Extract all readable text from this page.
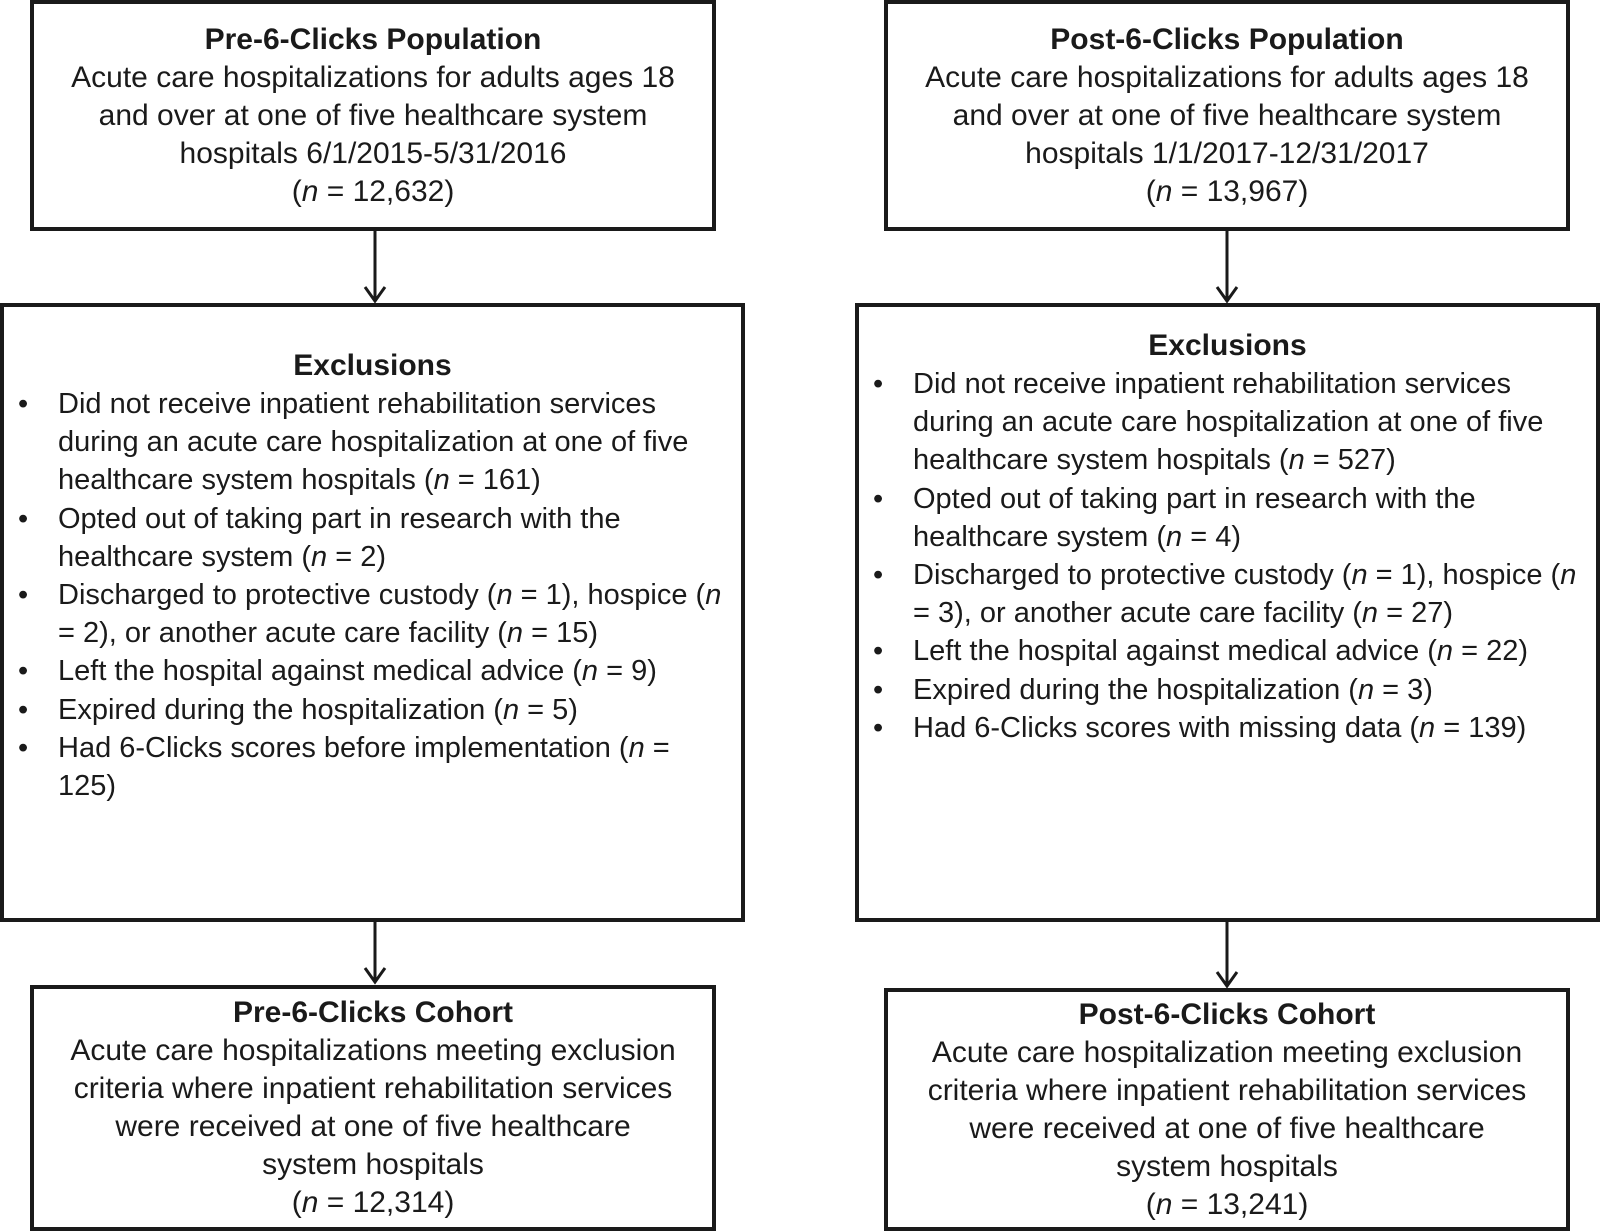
Pre-6-Clicks Population
Acute care hospitalizations for adults ages 18
and over at one of five healthcare system
hospitals 6/1/2015-5/31/2016
(n = 12,632)
Exclusions
• Did not receive inpatient rehabilitation services during an acute care hospitalization at one of five healthcare system hospitals (n = 161)
• Opted out of taking part in research with the healthcare system (n = 2)
• Discharged to protective custody (n = 1), hospice (n = 2), or another acute care facility (n = 15)
• Left the hospital against medical advice (n = 9)
• Expired during the hospitalization (n = 5)
• Had 6-Clicks scores before implementation (n = 125)
Pre-6-Clicks Cohort
Acute care hospitalizations meeting exclusion
criteria where inpatient rehabilitation services
were received at one of five healthcare
system hospitals
(n = 12,314)
Post-6-Clicks Population
Acute care hospitalizations for adults ages 18
and over at one of five healthcare system
hospitals 1/1/2017-12/31/2017
(n = 13,967)
Exclusions
• Did not receive inpatient rehabilitation services during an acute care hospitalization at one of five healthcare system hospitals (n = 527)
• Opted out of taking part in research with the healthcare system (n = 4)
• Discharged to protective custody (n = 1), hospice (n = 3), or another acute care facility (n = 27)
• Left the hospital against medical advice (n = 22)
• Expired during the hospitalization (n = 3)
• Had 6-Clicks scores with missing data (n = 139)
Post-6-Clicks Cohort
Acute care hospitalization meeting exclusion
criteria where inpatient rehabilitation services
were received at one of five healthcare
system hospitals
(n = 13,241)
